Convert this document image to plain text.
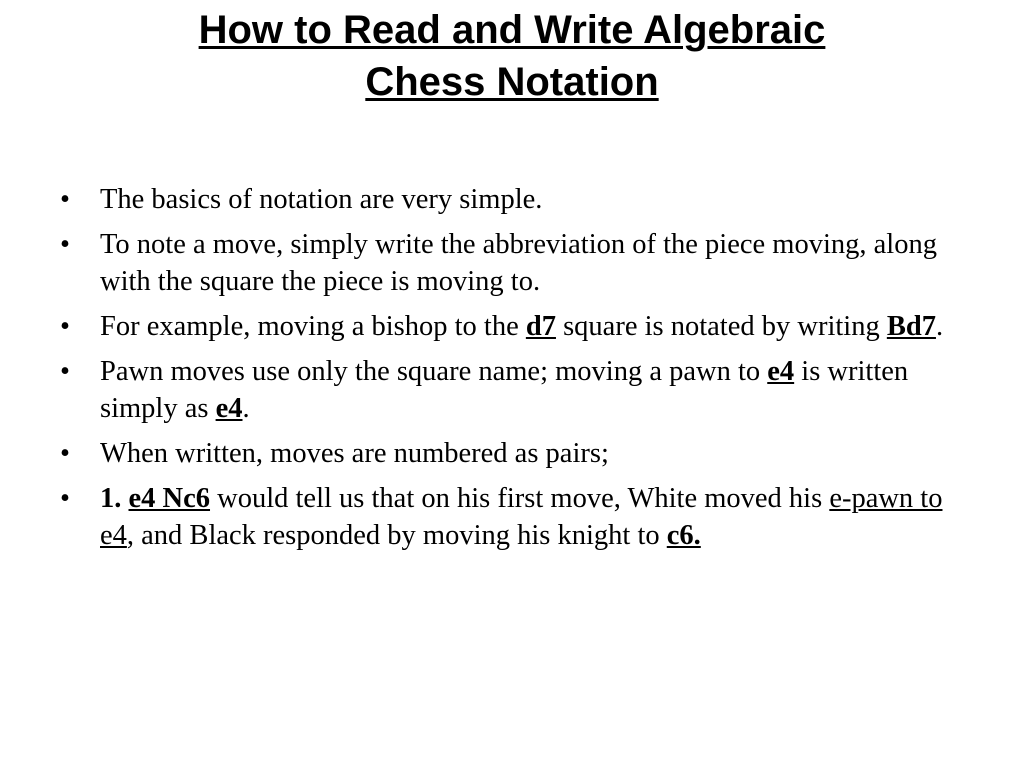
How to Read and Write Algebraic
Chess Notation
•	The basics of notation are very simple.
•	To note a move, simply write the abbreviation of the piece moving, along with the square the piece is moving to.
•	For example, moving a bishop to the d7 square is notated by writing Bd7.
•	Pawn moves use only the square name; moving a pawn to e4 is written simply as e4.
•	When written, moves are numbered as pairs;
•	1. e4 Nc6 would tell us that on his first move, White moved his e-pawn to e4, and Black responded by moving his knight to c6.
